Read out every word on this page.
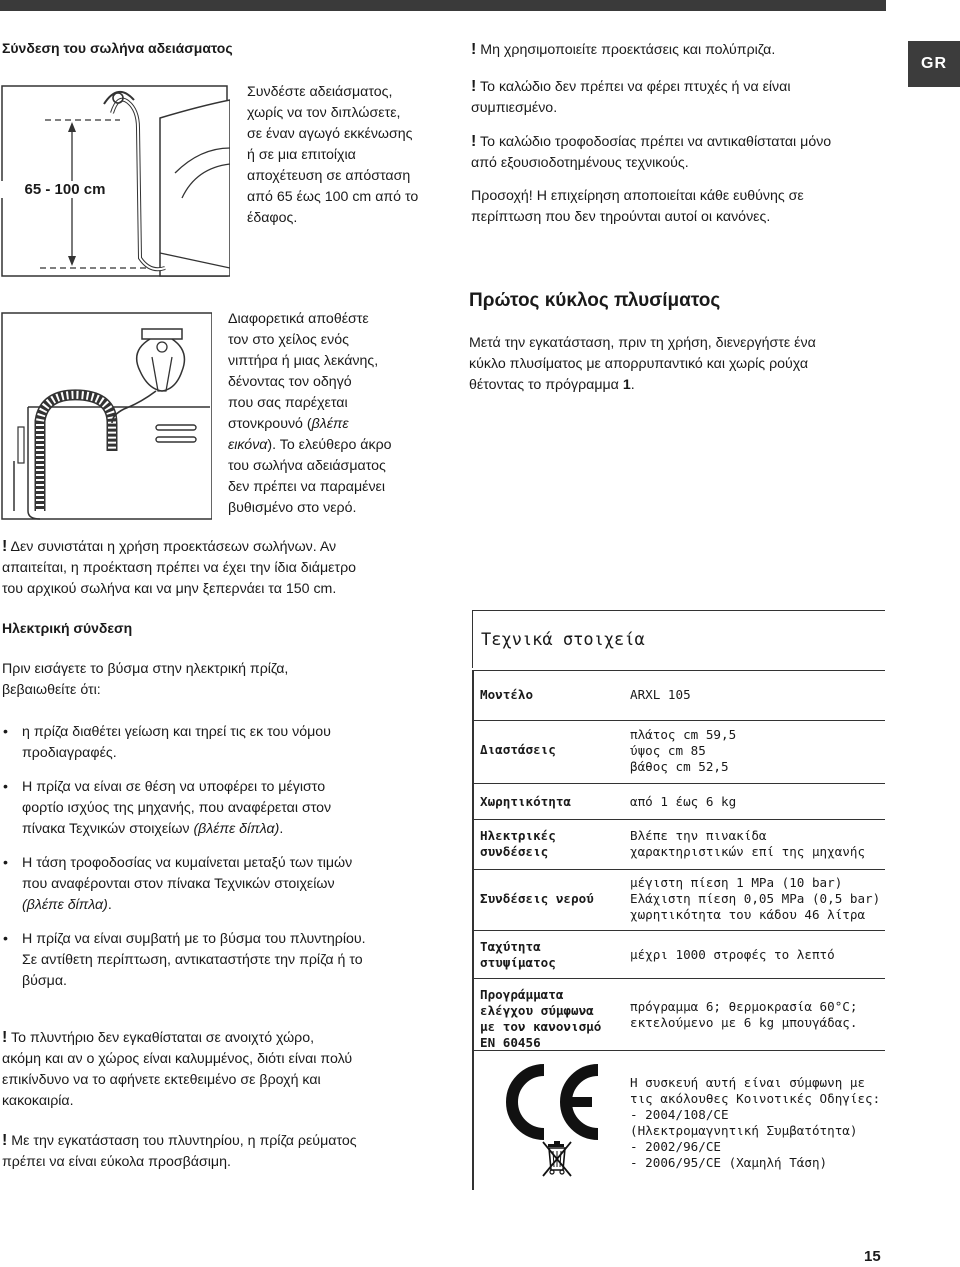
GR
Σύνδεση του σωλήνα αδειάσματος
65 - 100 cm

Συνδέστε αδειάσματος,

χωρίς να τον διπλώσετε,

σε έναν αγωγό εκκένωσης

ή σε μια επιτοίχια

αποχέτευση σε απόσταση

από 65 έως 100 cm από το

έδαφος.

Διαφορετικά αποθέστε

τον στο χείλος ενός

νιπτήρα ή μιας λεκάνης,

δένοντας τον οδηγό

που σας παρέχεται

στονκρουνό (βλέπε

εικόνα). Το ελεύθερο άκρο

του σωλήνα αδειάσματος

δεν πρέπει να παραμένει

βυθισμένο στο νερό.

! Δεν συνιστάται η χρήση προεκτάσεων σωλήνων. Αν

απαιτείται, η προέκταση πρέπει να έχει την ίδια διάμετρο

του αρχικού σωλήνα και να μην ξεπερνάει τα 150 cm.

! Μη χρησιμοποιείτε προεκτάσεις και πολύπριζα.

! Το καλώδιο δεν πρέπει να φέρει πτυχές ή να είναι
συμπιεσμένο.

! Το καλώδιο τροφοδοσίας πρέπει να αντικαθίσταται μόνο
από εξουσιοδοτημένους τεχνικούς.

Προσοχή! Η επιχείρηση αποποιείται κάθε ευθύνης σε
περίπτωση που δεν τηρούνται αυτοί οι κανόνες.

Πρώτος κύκλος πλυσίματος

Μετά την εγκατάσταση, πριν τη χρήση, διενεργήστε ένα

κύκλο πλυσίματος με απορρυπαντικό και χωρίς ρούχα

θέτοντας το πρόγραμμα 1.

Ηλεκτρική σύνδεση

Πριν εισάγετε το βύσμα στην ηλεκτρική πρίζα,

βεβαιωθείτε ότι:

• η πρίζα διαθέτει γείωση και τηρεί τις εκ του νόμου
προδιαγραφές.
• Η πρίζα να είναι σε θέση να υποφέρει το μέγιστο
φορτίο ισχύος της μηχανής, που αναφέρεται στον
πίνακα Τεχνικών στοιχείων (βλέπε δίπλα).
• Η τάση τροφοδοσίας να κυμαίνεται μεταξύ των τιμών
που αναφέρονται στον πίνακα Τεχνικών στοιχείων
(βλέπε δίπλα).
• Η πρίζα να είναι συμβατή με το βύσμα του πλυντηρίου.
Σε αντίθετη περίπτωση, αντικαταστήστε την πρίζα ή το
βύσμα.

! Το πλυντήριο δεν εγκαθίσταται σε ανοιχτό χώρο,

ακόμη και αν ο χώρος είναι καλυμμένος, διότι είναι πολύ

επικίνδυνο να το αφήνετε εκτεθειμένο σε βροχή και

κακοκαιρία.

! Με την εγκατάσταση του πλυντηρίου, η πρίζα ρεύματος

πρέπει να είναι εύκολα προσβάσιμη.

Τεχνικά στοιχεία
Μοντέλο	ARXL 105
Διαστάσεις
πλάτος cm 59,5
ύψος cm 85
βάθος cm 52,5
Χωρητικότητα	από 1 έως 6 kg
Ηλεκτρικές
συνδέσεις
Βλέπε την πινακίδα
χαρακτηριστικών επί της μηχανής
Συνδέσεις νερού
μέγιστη πίεση 1 MPa (10 bar)
Ελάχιστη πίεση 0,05 MPa (0,5 bar)
χωρητικότητα του κάδου 46 λίτρα
Ταχύτητα
στυψίματος
μέχρι 1000 στροφές το λεπτό
Προγράμματα
ελέγχου σύμφωνα
με τον κανονισμό
EN 60456
πρόγραμμα 6; θερμοκρασία 60°C;
εκτελούμενο με 6 kg μπουγάδας.
Η συσκευή αυτή είναι σύμφωνη με
τις ακόλουθες Κοινοτικές Οδηγίες:
- 2004/108/CE
(Ηλεκτρομαγνητική Συμβατότητα)
- 2002/96/CE
- 2006/95/CE (Χαμηλή Τάση)
15
